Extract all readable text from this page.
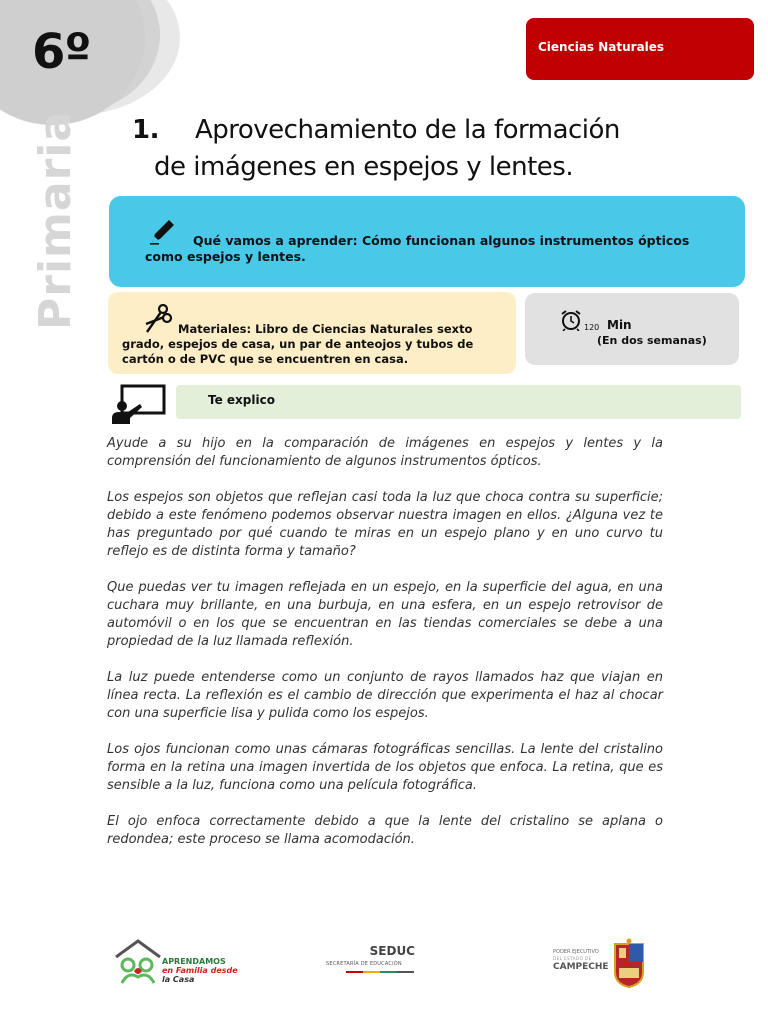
6º
Primaria
Ciencias Naturales
1. Aprovechamiento de la formación
de imágenes en espejos y lentes.
Qué vamos a aprender: Cómo funcionan algunos instrumentos ópticos
como espejos y lentes.
Materiales: Libro de Ciencias Naturales sexto
grado, espejos de casa, un par de anteojos y tubos de cartón o de PVC que se encuentren en casa.
120 Min
(En dos semanas)
Te explico

Ayude a su hijo en la comparación de imágenes en espejos y lentes y la comprensión del funcionamiento de algunos instrumentos ópticos.

Los espejos son objetos que reflejan casi toda la luz que choca contra su superficie; debido a este fenómeno podemos observar nuestra imagen en ellos. ¿Alguna vez te has preguntado por qué cuando te miras en un espejo plano y en uno curvo tu reflejo es de distinta forma y tamaño?

Que puedas ver tu imagen reflejada en un espejo, en la superficie del agua, en una cuchara muy brillante, en una burbuja, en una esfera, en un espejo retrovisor de automóvil o en los que se encuentran en las tiendas comerciales se debe a una propiedad de la luz llamada reflexión.

La luz puede entenderse como un conjunto de rayos llamados haz que viajan en línea recta. La reflexión es el cambio de dirección que experimenta el haz al chocar con una superficie lisa y pulida como los espejos.

Los ojos funcionan como unas cámaras fotográficas sencillas. La lente del cristalino forma en la retina una imagen invertida de los objetos que enfoca. La retina, que es sensible a la luz, funciona como una película fotográfica.

El ojo enfoca correctamente debido a que la lente del cristalino se aplana o redondea; este proceso se llama acomodación.

APRENDAMOS
en Familia desde
la Casa
SEDUC
SECRETARÍA DE EDUCACIÓN
PODER EJECUTIVO
DEL ESTADO DE
CAMPECHE
